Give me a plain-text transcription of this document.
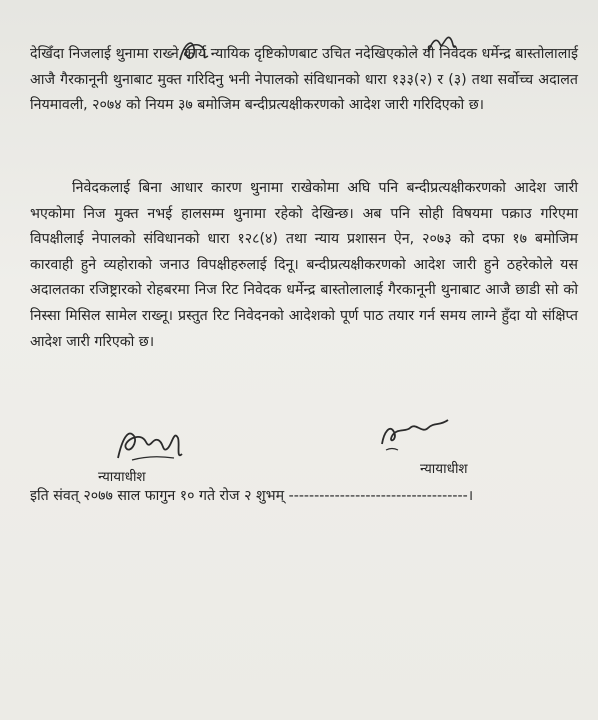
देखिँदा निजलाई थुनामा राख्ने कार्य न्यायिक दृष्टिकोणबाट उचित नदेखिएकोले यी निवेदक धर्मेन्द्र बास्तोलालाई आजै गैरकानूनी थुनाबाट मुक्त गरिदिनु भनी नेपालको संविधानको धारा १३३(२) र (३) तथा सर्वोच्च अदालत नियमावली, २०७४ को नियम ३७ बमोजिम बन्दीप्रत्यक्षीकरणको आदेश जारी गरिदिएको छ।

निवेदकलाई बिना आधार कारण थुनामा राखेकोमा अघि पनि बन्दीप्रत्यक्षीकरणको आदेश जारी भएकोमा निज मुक्त नभई हालसम्म थुनामा रहेको देखिन्छ। अब पनि सोही विषयमा पक्राउ गरिएमा विपक्षीलाई नेपालको संविधानको धारा १२८(४) तथा न्याय प्रशासन ऐन, २०७३ को दफा १७ बमोजिम कारवाही हुने व्यहोराको जनाउ विपक्षीहरुलाई दिनू। बन्दीप्रत्यक्षीकरणको आदेश जारी हुने ठहरेकोले यस अदालतका रजिष्ट्रारको रोहबरमा निज रिट निवेदक धर्मेन्द्र बास्तोलालाई गैरकानूनी थुनाबाट आजै छाडी सो को निस्सा मिसिल सामेल राख्नू। प्रस्तुत रिट निवेदनको आदेशको पूर्ण पाठ तयार गर्न समय लाग्ने हुँदा यो संक्षिप्त आदेश जारी गरिएको छ।

न्यायाधीश	न्यायाधीश
इति संवत् २०७७ साल फागुन १० गते रोज २ शुभम् -----------------------------------।
